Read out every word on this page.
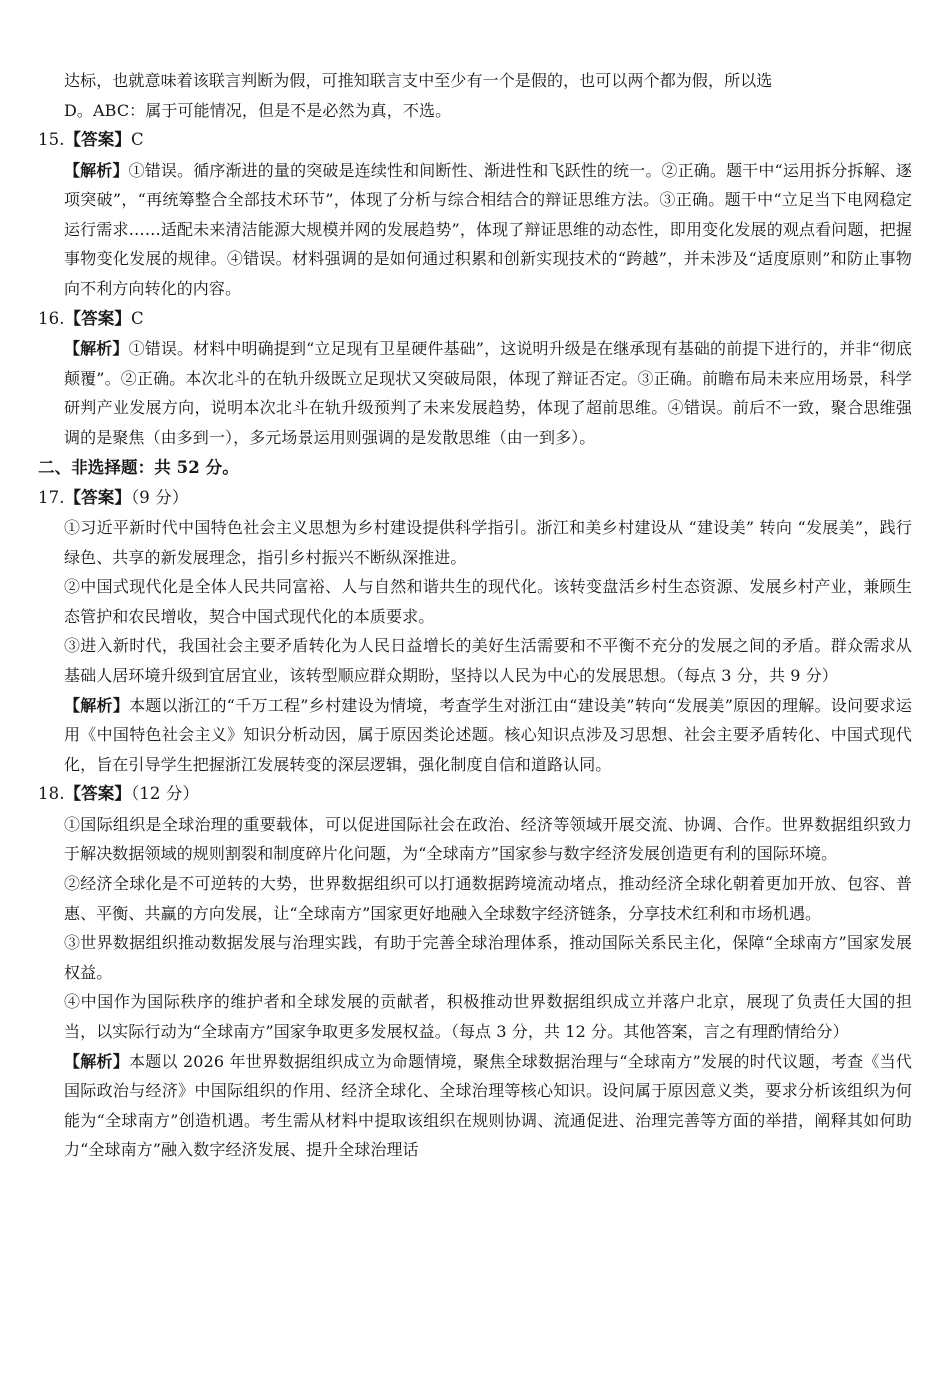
达标，也就意味着该联言判断为假，可推知联言支中至少有一个是假的，也可以两个都为假，所以选

D。ABC：属于可能情况，但是不是必然为真，不选。

15.【答案】C

【解析】①错误。循序渐进的量的突破是连续性和间断性、渐进性和飞跃性的统一。②正确。题干中“运用拆分拆解、逐项突破”，“再统筹整合全部技术环节”，体现了分析与综合相结合的辩证思维方法。③正确。题干中“立足当下电网稳定运行需求……适配未来清洁能源大规模并网的发展趋势”，体现了辩证思维的动态性，即用变化发展的观点看问题，把握事物变化发展的规律。④错误。材料强调的是如何通过积累和创新实现技术的“跨越”，并未涉及“适度原则”和防止事物向不利方向转化的内容。

16.【答案】C

【解析】①错误。材料中明确提到“立足现有卫星硬件基础”，这说明升级是在继承现有基础的前提下进行的，并非“彻底颠覆”。②正确。本次北斗的在轨升级既立足现状又突破局限，体现了辩证否定。③正确。前瞻布局未来应用场景，科学研判产业发展方向，说明本次北斗在轨升级预判了未来发展趋势，体现了超前思维。④错误。前后不一致，聚合思维强调的是聚焦（由多到一），多元场景运用则强调的是发散思维（由一到多）。

二、非选择题：共 52 分。

17.【答案】（9 分）

①习近平新时代中国特色社会主义思想为乡村建设提供科学指引。浙江和美乡村建设从 “建设美” 转向 “发展美”，践行绿色、共享的新发展理念，指引乡村振兴不断纵深推进。

②中国式现代化是全体人民共同富裕、人与自然和谐共生的现代化。该转变盘活乡村生态资源、发展乡村产业，兼顾生态管护和农民增收，契合中国式现代化的本质要求。

③进入新时代，我国社会主要矛盾转化为人民日益增长的美好生活需要和不平衡不充分的发展之间的矛盾。群众需求从基础人居环境升级到宜居宜业，该转型顺应群众期盼，坚持以人民为中心的发展思想。（每点 3 分，共 9 分）

【解析】本题以浙江的“千万工程”乡村建设为情境，考查学生对浙江由“建设美”转向“发展美”原因的理解。设问要求运用《中国特色社会主义》知识分析动因，属于原因类论述题。核心知识点涉及习思想、社会主要矛盾转化、中国式现代化，旨在引导学生把握浙江发展转变的深层逻辑，强化制度自信和道路认同。

18.【答案】（12 分）

①国际组织是全球治理的重要载体，可以促进国际社会在政治、经济等领域开展交流、协调、合作。世界数据组织致力于解决数据领域的规则割裂和制度碎片化问题，为“全球南方”国家参与数字经济发展创造更有利的国际环境。

②经济全球化是不可逆转的大势，世界数据组织可以打通数据跨境流动堵点，推动经济全球化朝着更加开放、包容、普惠、平衡、共赢的方向发展，让“全球南方”国家更好地融入全球数字经济链条，分享技术红利和市场机遇。

③世界数据组织推动数据发展与治理实践，有助于完善全球治理体系，推动国际关系民主化，保障“全球南方”国家发展权益。

④中国作为国际秩序的维护者和全球发展的贡献者，积极推动世界数据组织成立并落户北京，展现了负责任大国的担当，以实际行动为“全球南方”国家争取更多发展权益。（每点 3 分，共 12 分。其他答案，言之有理酌情给分）

【解析】本题以 2026 年世界数据组织成立为命题情境，聚焦全球数据治理与“全球南方”发展的时代议题，考查《当代国际政治与经济》中国际组织的作用、经济全球化、全球治理等核心知识。设问属于原因意义类，要求分析该组织为何能为“全球南方”创造机遇。考生需从材料中提取该组织在规则协调、流通促进、治理完善等方面的举措，阐释其如何助力“全球南方”融入数字经济发展、提升全球治理话
